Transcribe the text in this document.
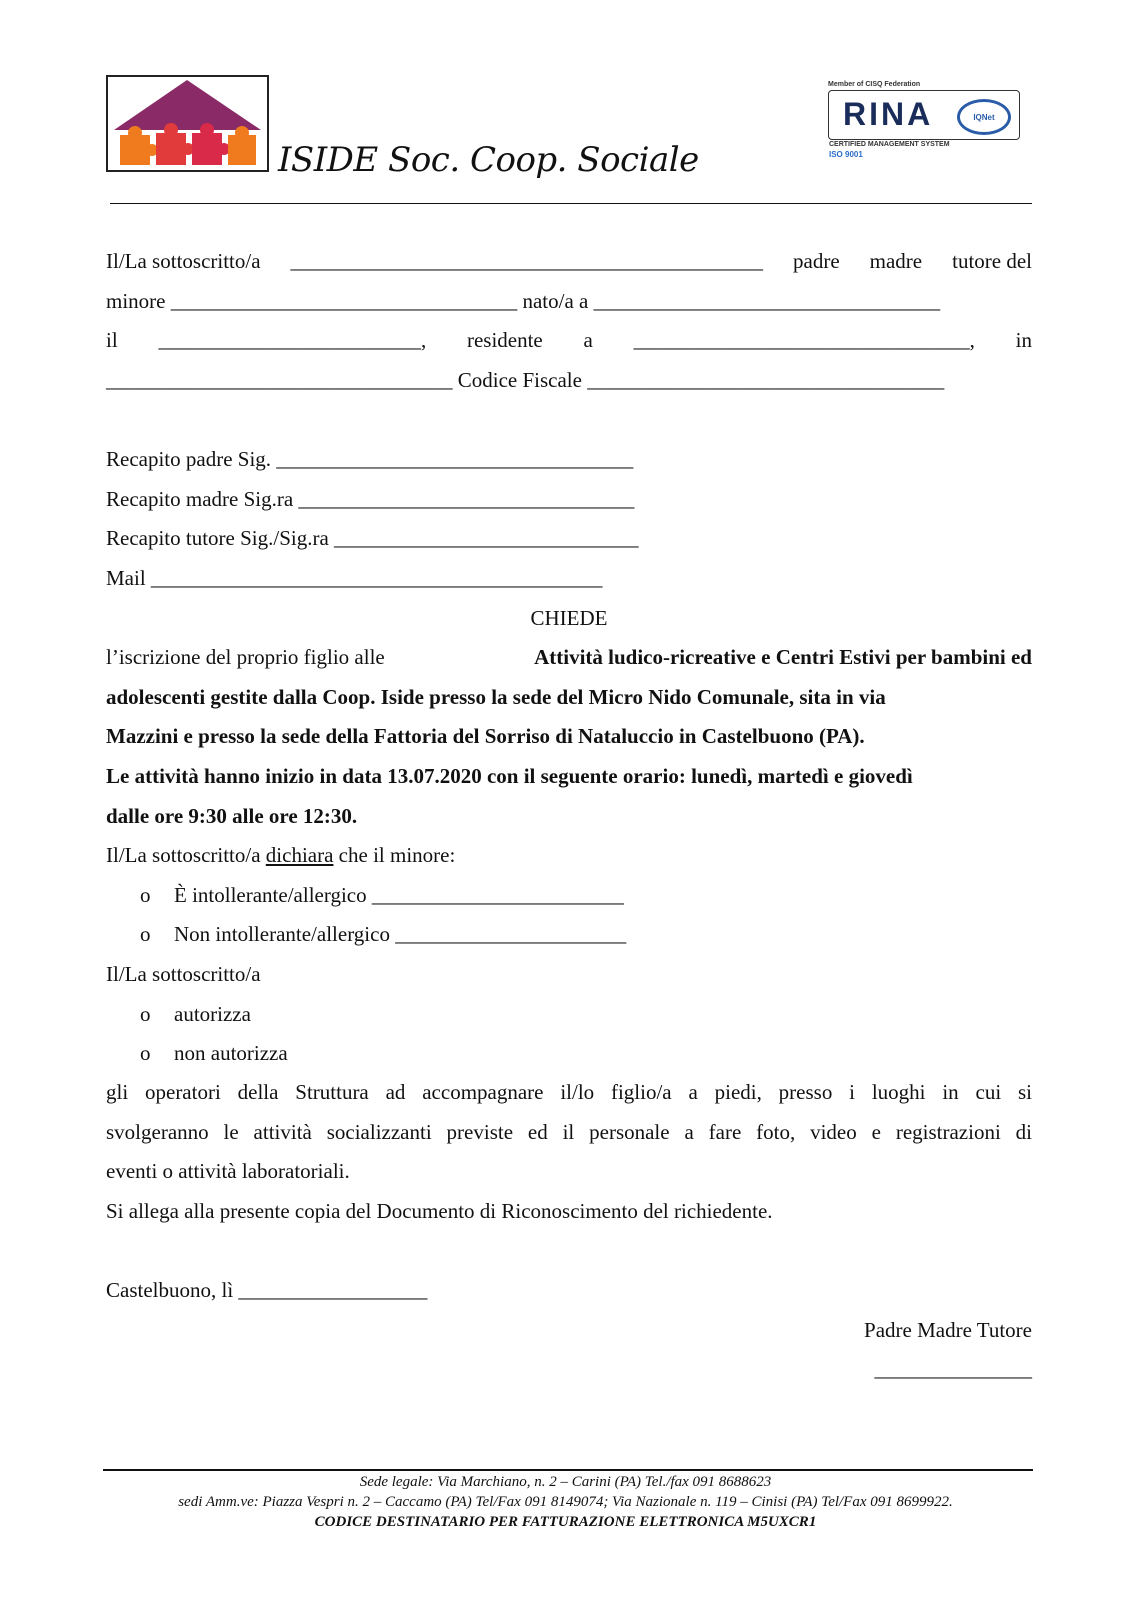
ISIDE Soc. Coop. Sociale
Member of CISQ Federation
RINA	IQNet
CERTIFIED MANAGEMENT SYSTEM
ISO 9001
Il/La sottoscritto/a _____________________________________________ padre madre tutore del
minore _________________________________ nato/a a _________________________________
il _________________________, residente a ________________________________, in
_________________________________ Codice Fiscale __________________________________
Recapito padre Sig. __________________________________
Recapito madre Sig.ra ________________________________
Recapito tutore Sig./Sig.ra _____________________________
Mail ___________________________________________
CHIEDE
l’iscrizione del proprio figlio alle	Attività ludico-ricreative e Centri Estivi per bambini ed
adolescenti gestite dalla Coop. Iside presso la sede del Micro Nido Comunale, sita in via
Mazzini e presso la sede della Fattoria del Sorriso di Nataluccio in Castelbuono (PA).
Le attività hanno inizio in data 13.07.2020 con il seguente orario: lunedì, martedì e giovedì
dalle ore 9:30 alle ore 12:30.
Il/La sottoscritto/a dichiara che il minore:
o È intollerante/allergico ________________________
o Non intollerante/allergico ______________________
Il/La sottoscritto/a
o autorizza
o non autorizza
gli operatori della Struttura ad accompagnare il/lo figlio/a a piedi, presso i luoghi in cui si
svolgeranno le attività socializzanti previste ed il personale a fare foto, video e registrazioni di
eventi o attività laboratoriali.
Si allega alla presente copia del Documento di Riconoscimento del richiedente.
Castelbuono, lì __________________
Padre Madre Tutore
_______________
Sede legale: Via Marchiano, n. 2 – Carini (PA) Tel./fax 091 8688623
sedi Amm.ve: Piazza Vespri n. 2 – Caccamo (PA) Tel/Fax 091 8149074; Via Nazionale n. 119 – Cinisi (PA) Tel/Fax 091 8699922.
CODICE DESTINATARIO PER FATTURAZIONE ELETTRONICA M5UXCR1
